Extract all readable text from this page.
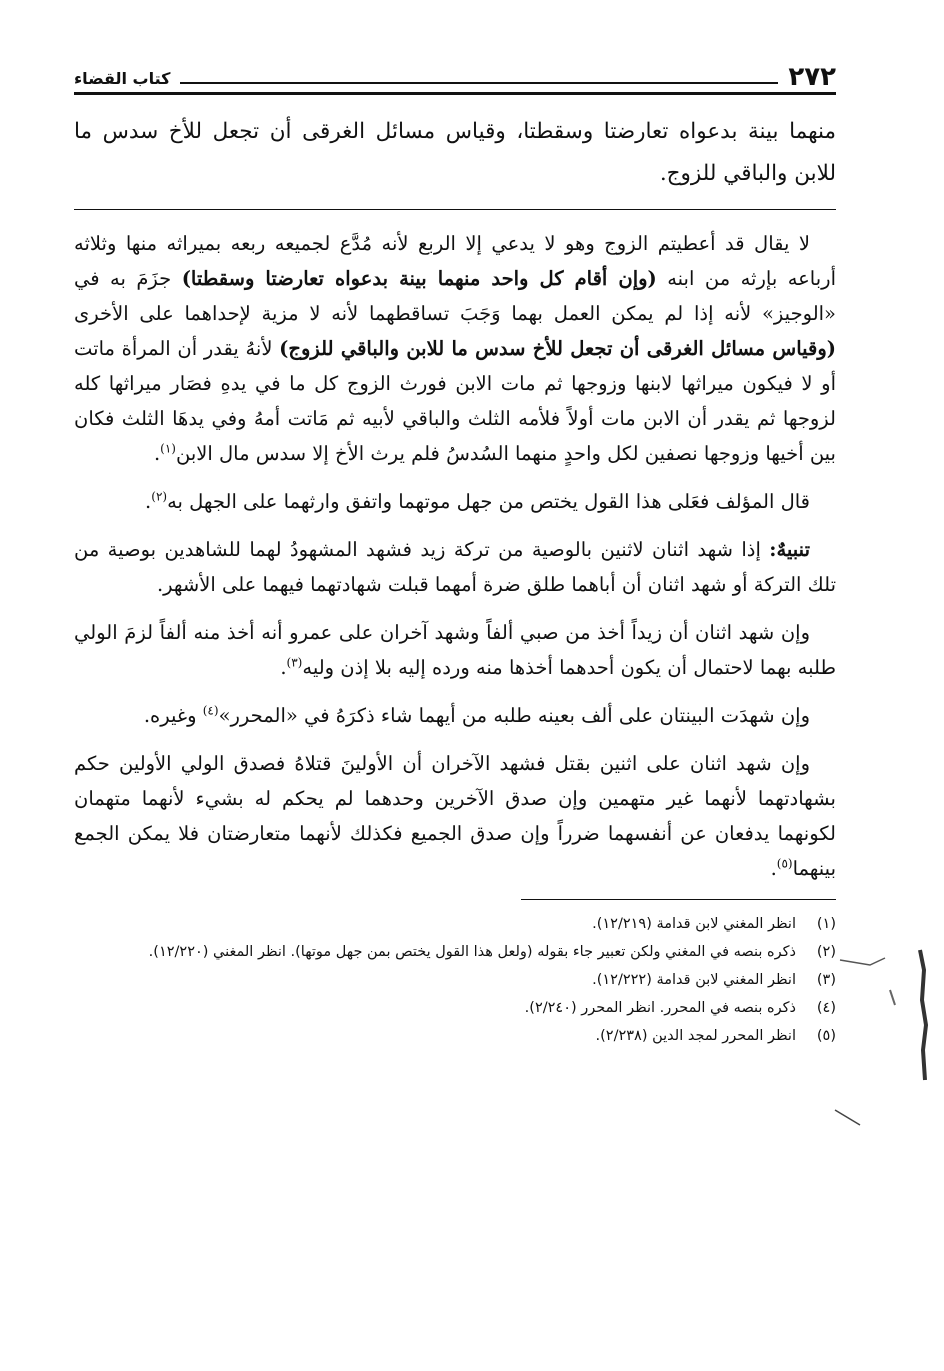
٢٧٢
كتاب القضاء
منهما بينة بدعواه تعارضتا وسقطتا، وقياس مسائل الغرقى أن تجعل للأخ سدس ما للابن والباقي للزوج.

لا يقال قد أعطيتم الزوج وهو لا يدعي إلا الربع لأنه مُدَّع لجميعه ربعه بميراثه منها وثلاثه أرباعه بإرثه من ابنه (وإن أقام كل واحد منهما بينة بدعواه تعارضتا وسقطتا) جزَمَ به في «الوجيز» لأنه إذا لم يمكن العمل بهما وَجَبَ تساقطهما لأنه لا مزية لإحداهما على الأخرى (وقياس مسائل الغرقى أن تجعل للأخ سدس ما للابن والباقي للزوج) لأنهُ يقدر أن المرأة ماتت أو لا فيكون ميراثها لابنها وزوجها ثم مات الابن فورث الزوج كل ما في يدهِ فصَار ميراثها كله لزوجها ثم يقدر أن الابن مات أولاً فلأمه الثلث والباقي لأبيه ثم مَاتت أمهُ وفي يدهَا الثلث فكان بين أخيها وزوجها نصفين لكل واحدٍ منهما السُدسُ فلم يرث الأخ إلا سدس مال الابن$^{(١)}$.

قال المؤلف فعَلى هذا القول يختص من جهل موتهما واتفق وارثهما على الجهل به$^{(٢)}$.

تنبيهٌ: إذا شهد اثنان لاثنين بالوصية من تركة زيد فشهد المشهودُ لهما للشاهدين بوصية من تلك التركة أو شهد اثنان أن أباهما طلق ضرة أمهما قبلت شهادتهما فيهما على الأشهر.

وإن شهد اثنان أن زيداً أخذ من صبي ألفاً وشهد آخران على عمرو أنه أخذ منه ألفاً لزمَ الولي طلبه بهما لاحتمال أن يكون أحدهما أخذها منه ورده إليه بلا إذن وليه$^{(٣)}$.

وإن شهدَت البينتان على ألف بعينه طلبه من أيهما شاء ذكرَهُ في «المحرر»$^{(٤)}$ وغيره.

وإن شهد اثنان على اثنين بقتل فشهد الآخران أن الأولينَ قتلاهُ فصدق الولي الأولين حكم بشهادتهما لأنهما غير متهمين وإن صدق الآخرين وحدهما لم يحكم له بشيء لأنهما متهمان لكونهما يدفعان عن أنفسهما ضرراً وإن صدق الجميع فكذلك لأنهما متعارضتان فلا يمكن الجمع بينهما$^{(٥)}$.

(١)
انظر المغني لابن قدامة (١٢/٢١٩).
(٢)
ذكره بنصه في المغني ولكن تعبير جاء بقوله (ولعل هذا القول يختص بمن جهل موتها). انظر المغني (١٢/٢٢٠).
(٣)
انظر المغني لابن قدامة (١٢/٢٢٢).
(٤)
ذكره بنصه في المحرر. انظر المحرر (٢/٢٤٠).
(٥)
انظر المحرر لمجد الدين (٢/٢٣٨).
